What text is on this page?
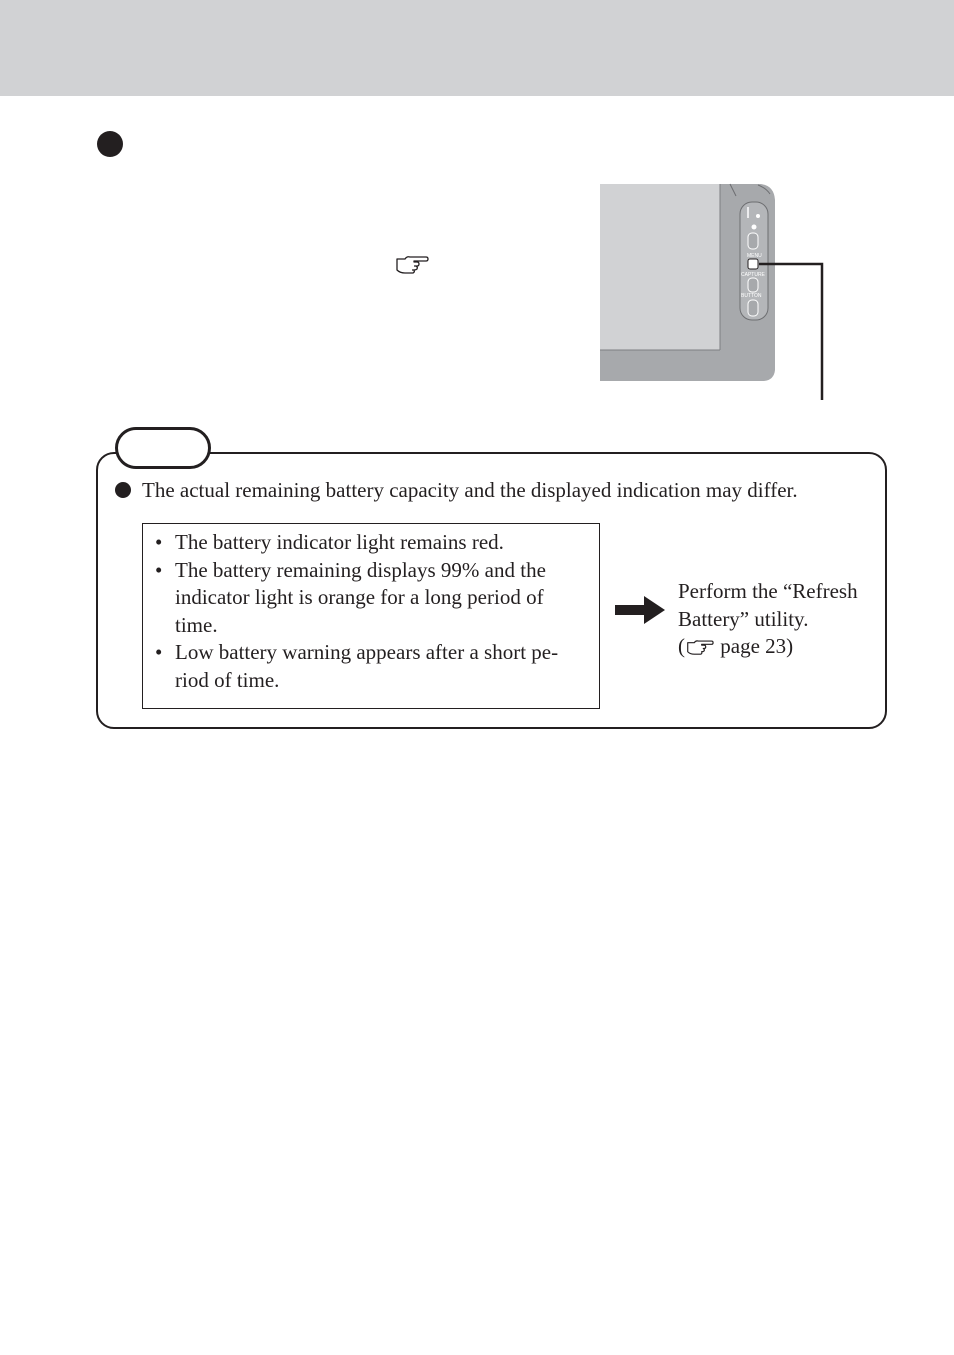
MENU
CAPTURE
BUTTON
The actual remaining battery capacity and the displayed indication may differ.
• The battery indicator light remains red.
• The battery remaining displays 99% and the
indicator light is orange for a long period of
time.
• Low battery warning appears after a short pe-
riod of time.
Perform the “Refresh
Battery” utility.
( page 23)
